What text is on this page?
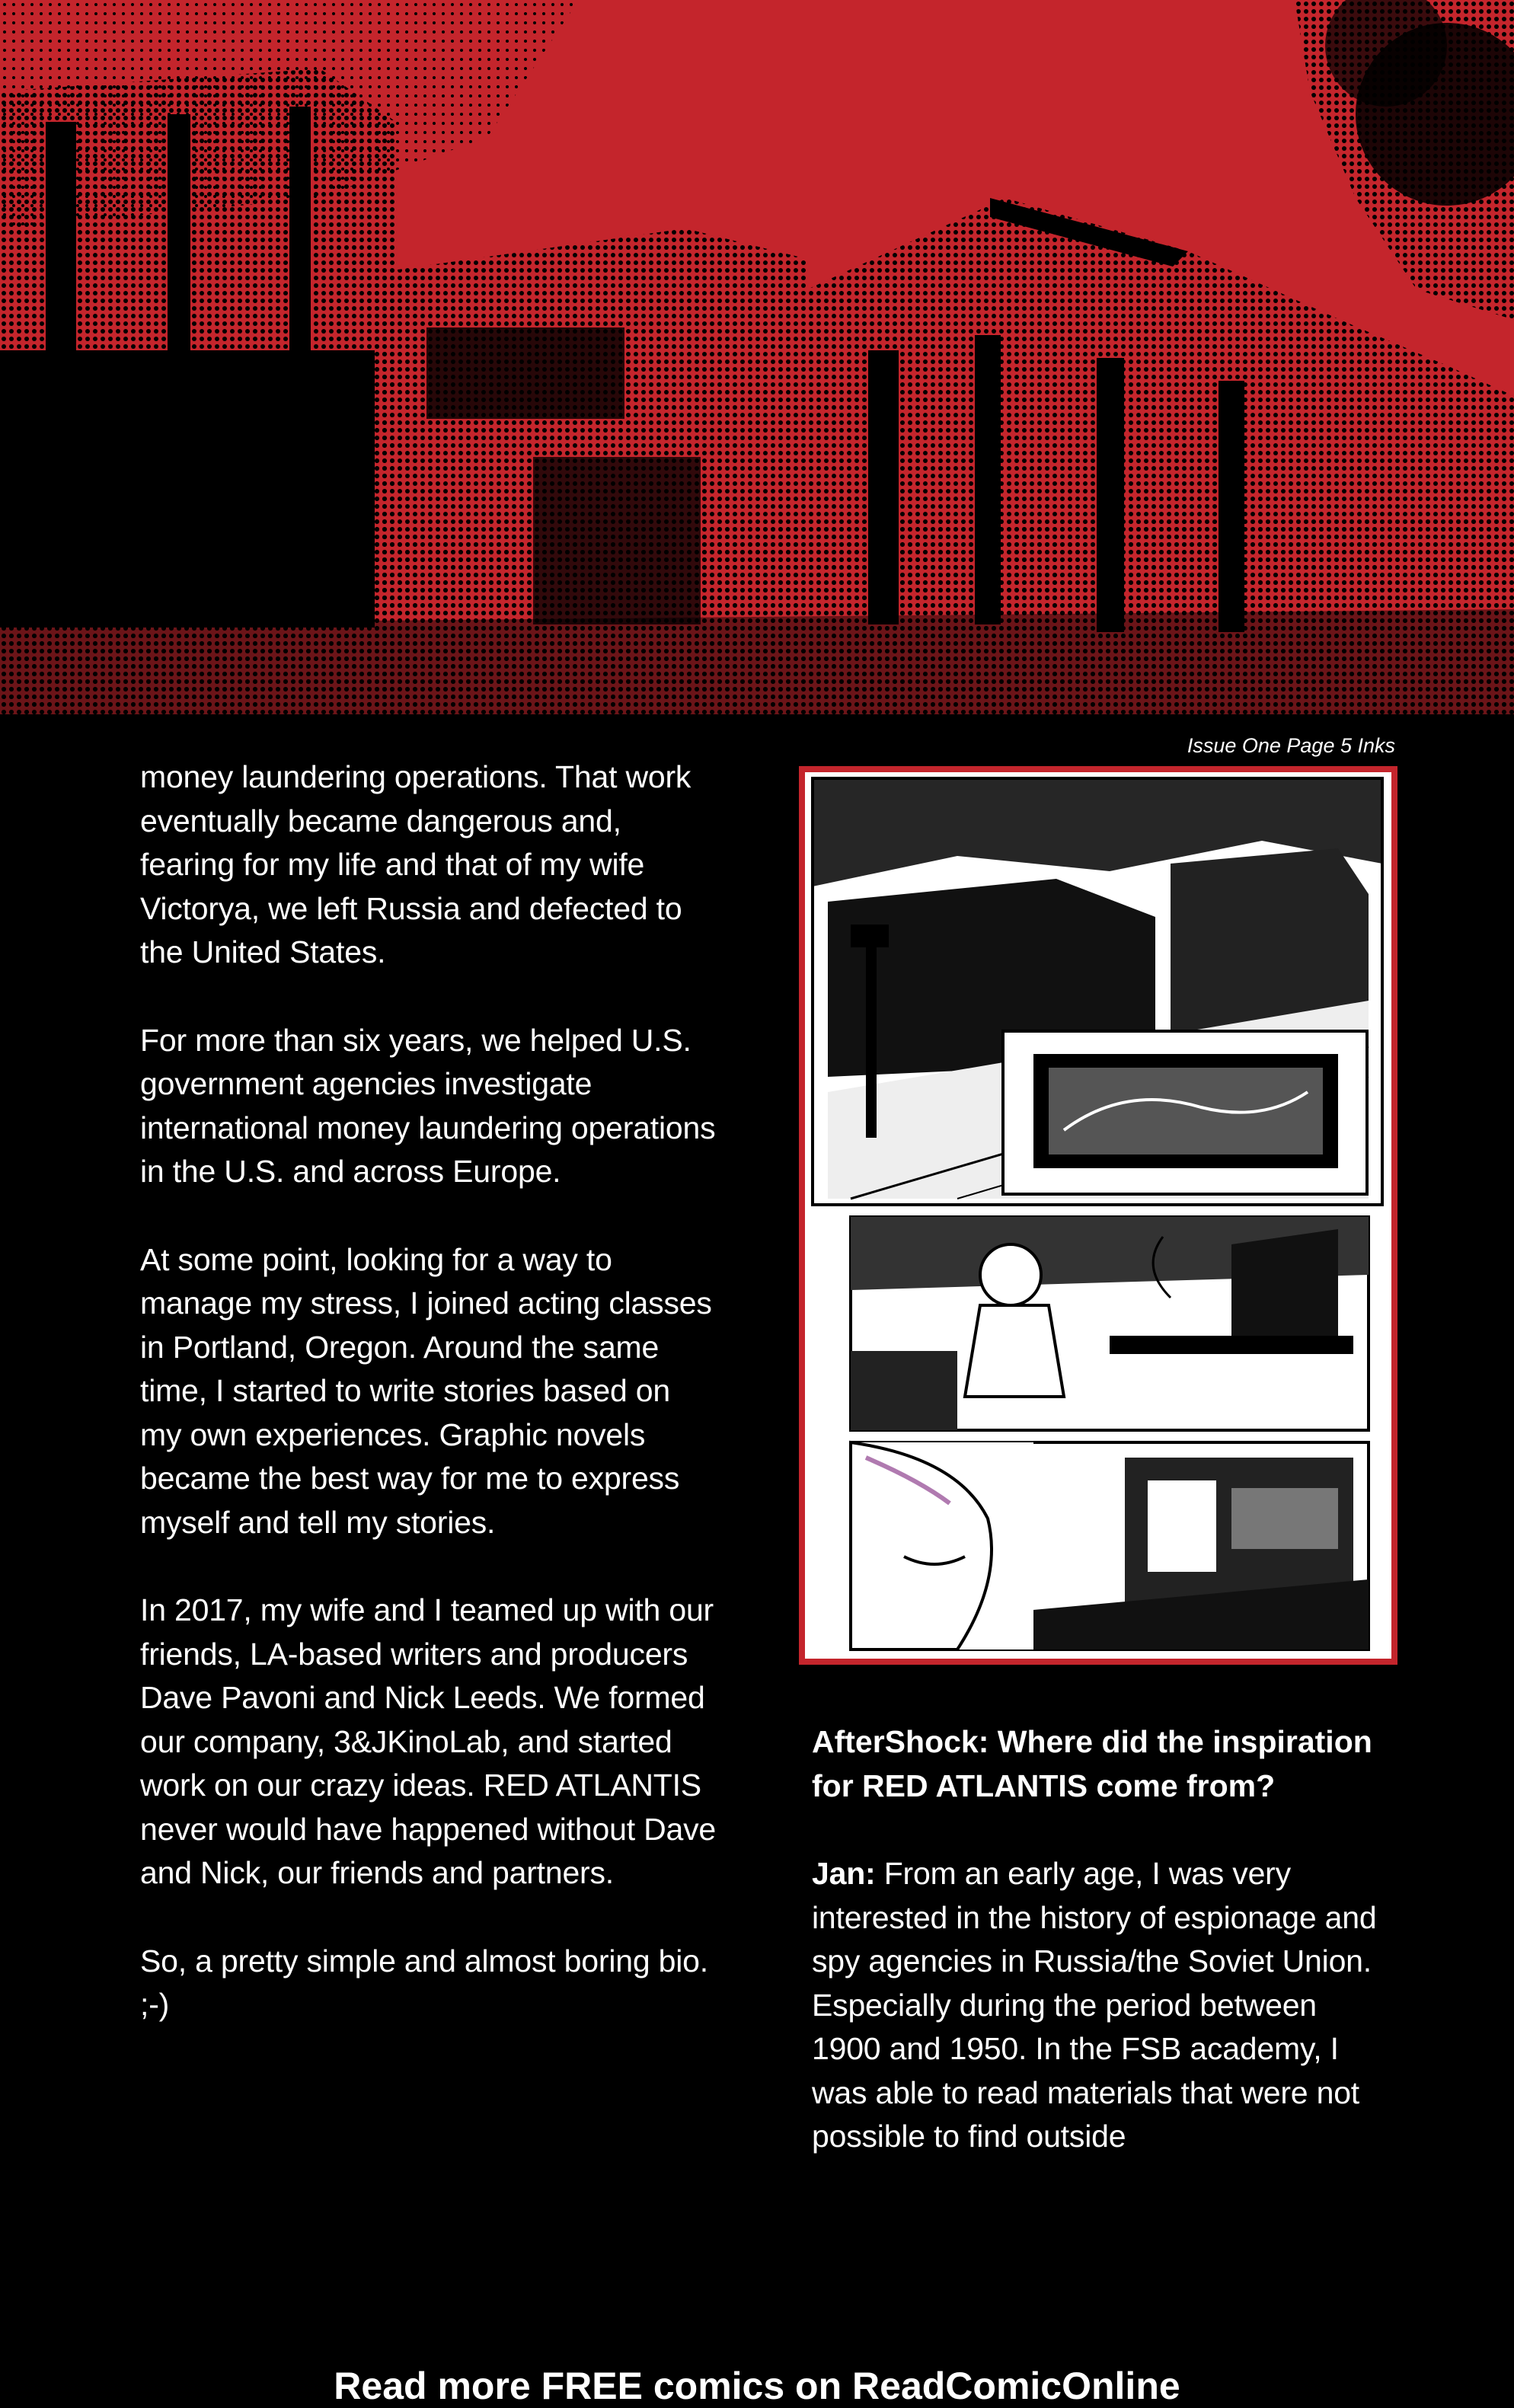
money laundering operations. That work eventually became dangerous and, fearing for my life and that of my wife Victorya, we left Russia and defected to the United States.

For more than six years, we helped U.S. government agencies investigate international money laundering operations in the U.S. and across Europe.

At some point, looking for a way to manage my stress, I joined acting classes in Portland, Oregon. Around the same time, I started to write stories based on my own experiences. Graphic novels became the best way for me to express myself and tell my stories.

In 2017, my wife and I teamed up with our friends, LA-based writers and producers Dave Pavoni and Nick Leeds. We formed our company, 3&JKinoLab, and started work on our crazy ideas. RED ATLANTIS never would have happened without Dave and Nick, our friends and partners.

So, a pretty simple and almost boring bio. ;-)

Issue One Page 5 Inks

AfterShock: Where did the inspiration for RED ATLANTIS come from?

Jan: From an early age, I was very interested in the history of espionage and spy agencies in Russia/the Soviet Union. Especially during the period between 1900 and 1950. In the FSB academy, I was able to read materials that were not possible to find outside

Read more FREE comics on ReadComicOnline
